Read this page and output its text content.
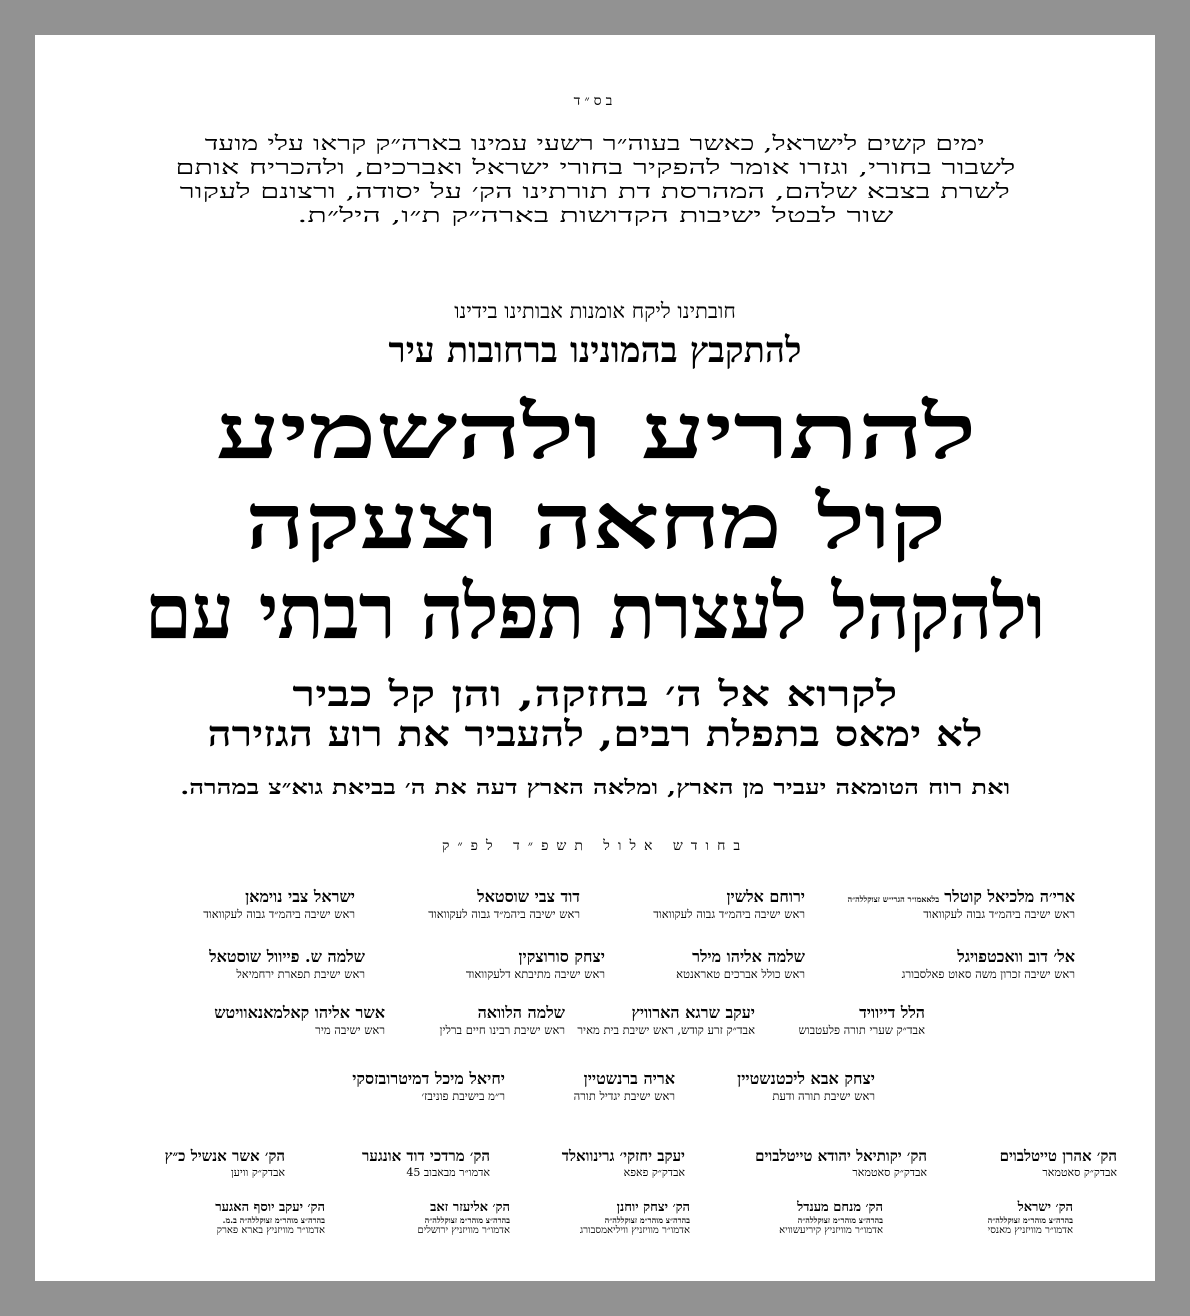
בס״ד
ימים קשים לישראל, כאשר בעוה״ר רשעי עמינו בארה״ק קראו עלי מועד
לשבור בחורי, וגזרו אומר להפקיר בחורי ישראל ואברכים, ולהכריח אותם
לשרת בצבא שלהם, המהרסת דת תורתינו הק׳ על יסודה, ורצונם לעקור
שור לבטל ישיבות הקדושות בארה״ק ת״ו, היל״ת.
חובתינו ליקח אומנות אבותינו בידינו
להתקבץ בהמונינו ברחובות עיר
להתריע ולהשמיע
קול מחאה וצעקה
ולהקהל לעצרת תפלה רבתי עם
לקרוא אל ה׳ בחזקה, והן קל כביר
לא ימאס בתפלת רבים, להעביר את רוע הגזירה
ואת רוח הטומאה יעביר מן הארץ, ומלאה הארץ דעה את ה׳ בביאת גוא״צ במהרה.
בחודש אלול תשפ״ד לפ״ק
ארי׳ה מלכיאל קוטלר בלאאמו״ר הגרי״ש זצוקללה״ה
ראש ישיבה ביהמ״ד גבוה לעקוואוד
ירוחם אלשין
ראש ישיבה ביהמ״ד גבוה לעקוואוד
דוד צבי שוסטאל
ראש ישיבה ביהמ״ד גבוה לעקוואוד
ישראל צבי נוימאן
ראש ישיבה ביהמ״ד גבוה לעקוואוד
אל׳ דוב וואכטפויגל
ראש ישיבה זכרון משה סאוט פאלסבורג
שלמה אליהו מילר
ראש כולל אברכים טאראנטא
יצחק סורוצקין
ראש ישיבה מתיבתא דלעקוואוד
שלמה ש. פייוול שוסטאל
ראש ישיבת תפארת ירחמיאל
הלל דייוויד
אבד״ק שערי תורה פלעטבוש
יעקב שרגא הארוויץ
אבד״ק זרע קודש, ראש ישיבת בית מאיר
שלמה הלוואה
ראש ישיבת רבינו חיים ברלין
אשר אליהו קאלמאנאוויטש
ראש ישיבה מיר
יצחק אבא ליכטנשטיין
ראש ישיבת תורה ודעת
אריה ברנשטיין
ראש ישיבת יגדיל תורה
יחיאל מיכל דמיטרובזסקי
ר״מ בישיבת פוניבז׳
הק׳ אהרן טייטלבוים
אבדק״ק סאטמאר
הק׳ יקותיאל יהודא טייטלבוים
אבדק״ק סאטמאר
יעקב יחזקי׳ גרינוואלד
אבדק״ק פאפא
הק׳ מרדכי דוד אונגער
אדמו״ר מבאבוב 45
הק׳ אשר אנשיל כ״ץ
אבדק״ק וויען
הק׳ ישראל
בהרה״צ מוהר״מ זצוקללה״ה
אדמו״ר מוויזניץ מאנסי
הק׳ מנחם מענדל
בהרה״צ מוהר״מ זצוקללה״ה
אדמו״ר מוויזניץ קיריעשוויא
הק׳ יצחק יוחנן
בהרה״צ מוהר״מ זצוקללה״ה
אדמו״ר מוויזניץ וויליאמסבורג
הק׳ אליעזר זאב
בהרה״צ מוהר״מ זצוקללה״ה
אדמו״ר מוויזניץ ירושלים
הק׳ יעקב יוסף האגער
בהרה״צ מוהר״מ זצוקללה״ה ב.מ.
אדמו״ר מוויזניץ בארא פארק
